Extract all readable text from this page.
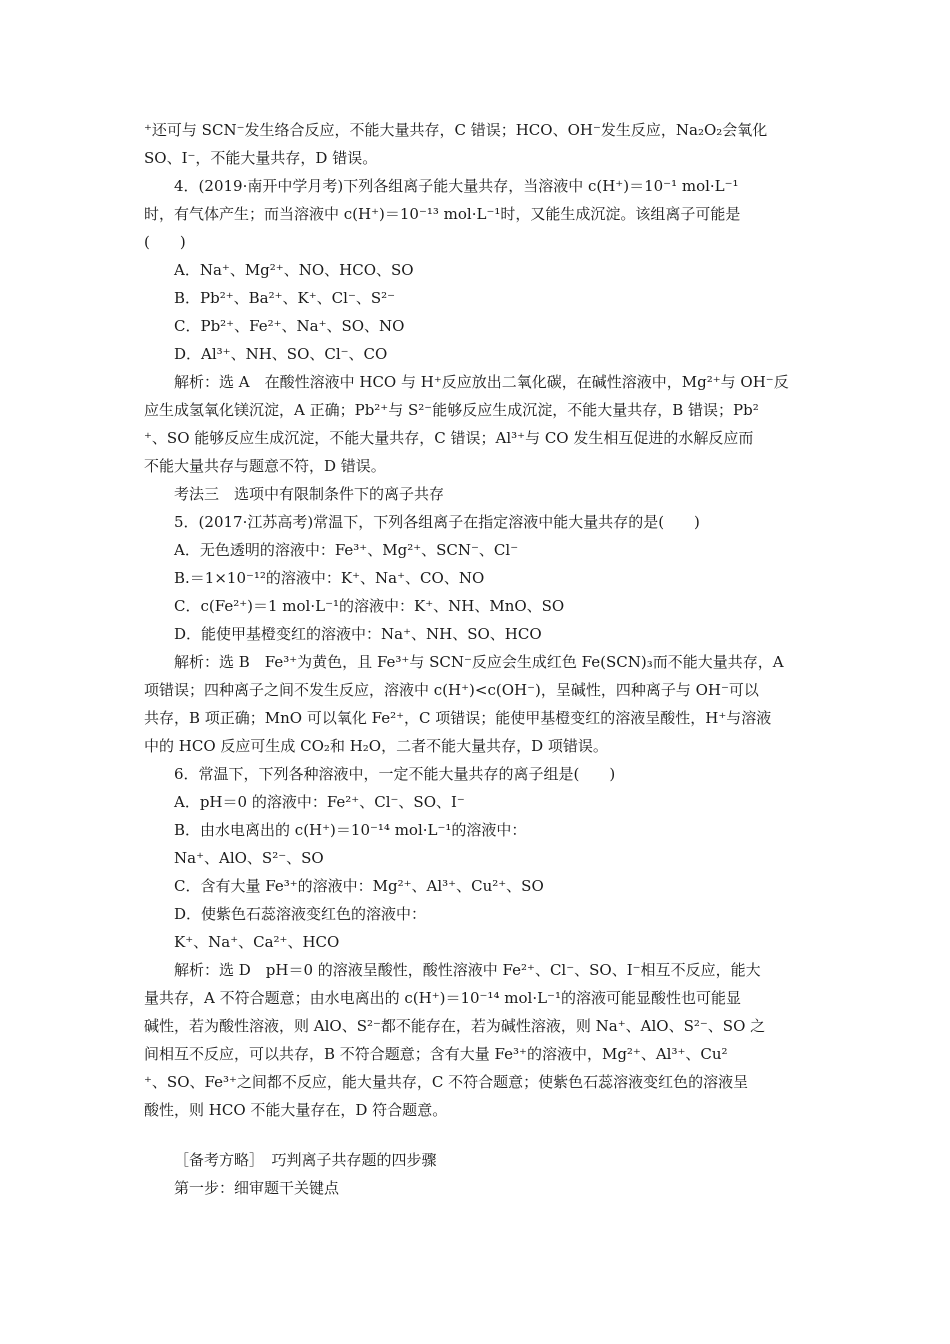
⁺还可与 SCN⁻发生络合反应，不能大量共存，C 错误；HCO、OH⁻发生反应，Na₂O₂会氧化
SO、I⁻，不能大量共存，D 错误。
4．(2019·南开中学月考)下列各组离子能大量共存，当溶液中 c(H⁺)＝10⁻¹ mol·L⁻¹
时，有气体产生；而当溶液中 c(H⁺)＝10⁻¹³ mol·L⁻¹时，又能生成沉淀。该组离子可能是
(　　)
A．Na⁺、Mg²⁺、NO、HCO、SO
B．Pb²⁺、Ba²⁺、K⁺、Cl⁻、S²⁻
C．Pb²⁺、Fe²⁺、Na⁺、SO、NO
D．Al³⁺、NH、SO、Cl⁻、CO
解析：选 A　在酸性溶液中 HCO 与 H⁺反应放出二氧化碳，在碱性溶液中，Mg²⁺与 OH⁻反
应生成氢氧化镁沉淀，A 正确；Pb²⁺与 S²⁻能够反应生成沉淀，不能大量共存，B 错误；Pb²
⁺、SO 能够反应生成沉淀，不能大量共存，C 错误；Al³⁺与 CO 发生相互促进的水解反应而
不能大量共存与题意不符，D 错误。
考法三　选项中有限制条件下的离子共存
5．(2017·江苏高考)常温下，下列各组离子在指定溶液中能大量共存的是(　　)
A．无色透明的溶液中：Fe³⁺、Mg²⁺、SCN⁻、Cl⁻
B.＝1×10⁻¹²的溶液中：K⁺、Na⁺、CO、NO
C．c(Fe²⁺)＝1 mol·L⁻¹的溶液中：K⁺、NH、MnO、SO
D．能使甲基橙变红的溶液中：Na⁺、NH、SO、HCO
解析：选 B　Fe³⁺为黄色，且 Fe³⁺与 SCN⁻反应会生成红色 Fe(SCN)₃而不能大量共存，A
项错误；四种离子之间不发生反应，溶液中 c(H⁺)<c(OH⁻)，呈碱性，四种离子与 OH⁻可以
共存，B 项正确；MnO 可以氧化 Fe²⁺，C 项错误；能使甲基橙变红的溶液呈酸性，H⁺与溶液
中的 HCO 反应可生成 CO₂和 H₂O，二者不能大量共存，D 项错误。
6．常温下，下列各种溶液中，一定不能大量共存的离子组是(　　)
A．pH＝0 的溶液中：Fe²⁺、Cl⁻、SO、I⁻
B．由水电离出的 c(H⁺)＝10⁻¹⁴ mol·L⁻¹的溶液中：
Na⁺、AlO、S²⁻、SO
C．含有大量 Fe³⁺的溶液中：Mg²⁺、Al³⁺、Cu²⁺、SO
D．使紫色石蕊溶液变红色的溶液中：
K⁺、Na⁺、Ca²⁺、HCO
解析：选 D　pH＝0 的溶液呈酸性，酸性溶液中 Fe²⁺、Cl⁻、SO、I⁻相互不反应，能大
量共存，A 不符合题意；由水电离出的 c(H⁺)＝10⁻¹⁴ mol·L⁻¹的溶液可能显酸性也可能显
碱性，若为酸性溶液，则 AlO、S²⁻都不能存在，若为碱性溶液，则 Na⁺、AlO、S²⁻、SO 之
间相互不反应，可以共存，B 不符合题意；含有大量 Fe³⁺的溶液中，Mg²⁺、Al³⁺、Cu²
⁺、SO、Fe³⁺之间都不反应，能大量共存，C 不符合题意；使紫色石蕊溶液变红色的溶液呈
酸性，则 HCO 不能大量存在，D 符合题意。
［备考方略］　巧判离子共存题的四步骤
第一步：细审题干关键点
